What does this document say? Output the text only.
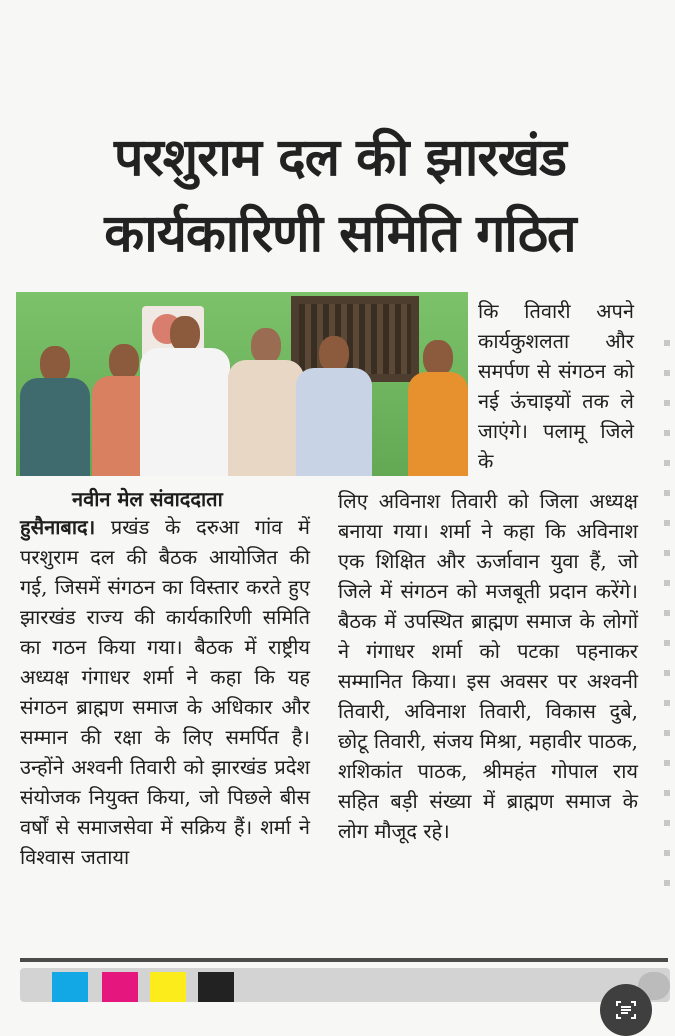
परशुराम दल की झारखंड
कार्यकारिणी समिति गठित

कि तिवारी अपने कार्यकुशलता और समर्पण से संगठन को नई ऊंचाइयों तक ले जाएंगे। पलामू जिले के

नवीन मेल संवाददाता

हुसैनाबाद। प्रखंड के दरुआ गांव में परशुराम दल की बैठक आयोजित की गई, जिसमें संगठन का विस्तार करते हुए झारखंड राज्य की कार्यकारिणी समिति का गठन किया गया। बैठक में राष्ट्रीय अध्यक्ष गंगाधर शर्मा ने कहा कि यह संगठन ब्राह्मण समाज के अधिकार और सम्मान की रक्षा के लिए समर्पित है। उन्होंने अश्वनी तिवारी को झारखंड प्रदेश संयोजक नियुक्त किया, जो पिछले बीस वर्षों से समाजसेवा में सक्रिय हैं। शर्मा ने विश्वास जताया

लिए अविनाश तिवारी को जिला अध्यक्ष बनाया गया। शर्मा ने कहा कि अविनाश एक शिक्षित और ऊर्जावान युवा हैं, जो जिले में संगठन को मजबूती प्रदान करेंगे। बैठक में उपस्थित ब्राह्मण समाज के लोगों ने गंगाधर शर्मा को पटका पहनाकर सम्मानित किया। इस अवसर पर अश्वनी तिवारी, अविनाश तिवारी, विकास दुबे, छोटू तिवारी, संजय मिश्रा, महावीर पाठक, शशिकांत पाठक, श्रीमहंत गोपाल राय सहित बड़ी संख्या में ब्राह्मण समाज के लोग मौजूद रहे।
